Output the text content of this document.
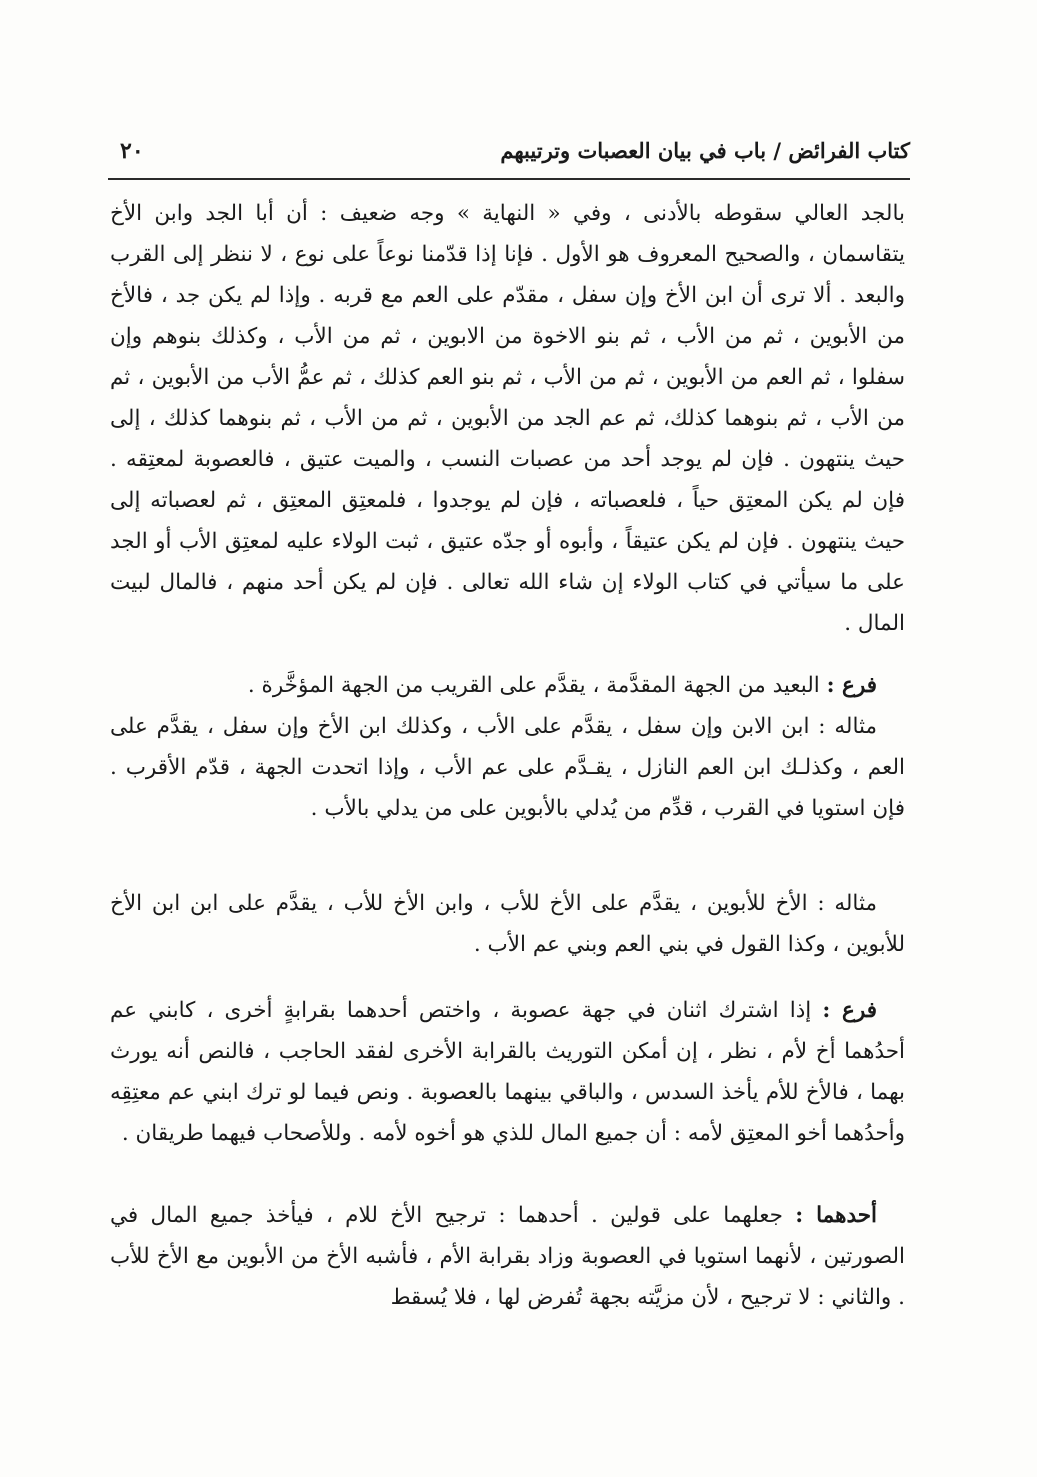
كتاب الفرائض / باب في بيان العصبات وترتيبهم
٢٠

بالجد العالي سقوطه بالأدنى ، وفي « النهاية » وجه ضعيف : أن أبا الجد وابن الأخ يتقاسمان ، والصحيح المعروف هو الأول . فإنا إذا قدّمنا نوعاً على نوع ، لا ننظر إلى القرب والبعد . ألا ترى أن ابن الأخ وإن سفل ، مقدّم على العم مع قربه . وإذا لم يكن جد ، فالأخ من الأبوين ، ثم من الأب ، ثم بنو الاخوة من الابوين ، ثم من الأب ، وكذلك بنوهم وإن سفلوا ، ثم العم من الأبوين ، ثم من الأب ، ثم بنو العم كذلك ، ثم عمُّ الأب من الأبوين ، ثم من الأب ، ثم بنوهما كذلك، ثم عم الجد من الأبوين ، ثم من الأب ، ثم بنوهما كذلك ، إلى حيث ينتهون . فإن لم يوجد أحد من عصبات النسب ، والميت عتيق ، فالعصوبة لمعتِقه . فإن لم يكن المعتِق حياً ، فلعصباته ، فإن لم يوجدوا ، فلمعتِق المعتِق ، ثم لعصباته إلى حيث ينتهون . فإن لم يكن عتيقاً ، وأبوه أو جدّه عتيق ، ثبت الولاء عليه لمعتِق الأب أو الجد على ما سيأتي في كتاب الولاء إن شاء الله تعالى . فإن لم يكن أحد منهم ، فالمال لبيت المال .

فرع : البعيد من الجهة المقدَّمة ، يقدَّم على القريب من الجهة المؤخَّرة .

مثاله : ابن الابن وإن سفل ، يقدَّم على الأب ، وكذلك ابن الأخ وإن سفل ، يقدَّم على العم ، وكذلـك ابن العم النازل ، يقـدَّم على عم الأب ، وإذا اتحدت الجهة ، قدّم الأقرب . فإن استويا في القرب ، قدِّم من يُدلي بالأبوين على من يدلي بالأب .

مثاله : الأخ للأبوين ، يقدَّم على الأخ للأب ، وابن الأخ للأب ، يقدَّم على ابن ابن الأخ للأبوين ، وكذا القول في بني العم وبني عم الأب .

فرع : إذا اشترك اثنان في جهة عصوبة ، واختص أحدهما بقرابةٍ أخرى ، كابني عم أحدُهما أخ لأم ، نظر ، إن أمكن التوريث بالقرابة الأخرى لفقد الحاجب ، فالنص أنه يورث بهما ، فالأخ للأم يأخذ السدس ، والباقي بينهما بالعصوبة . ونص فيما لو ترك ابني عم معتِقِه وأحدُهما أخو المعتِق لأمه : أن جميع المال للذي هو أخوه لأمه . وللأصحاب فيهما طريقان .

أحدهما : جعلهما على قولين . أحدهما : ترجيح الأخ للام ، فيأخذ جميع المال في الصورتين ، لأنهما استويا في العصوبة وزاد بقرابة الأم ، فأشبه الأخ من الأبوين مع الأخ للأب . والثاني : لا ترجيح ، لأن مزيَّته بجهة تُفرض لها ، فلا يُسقط
